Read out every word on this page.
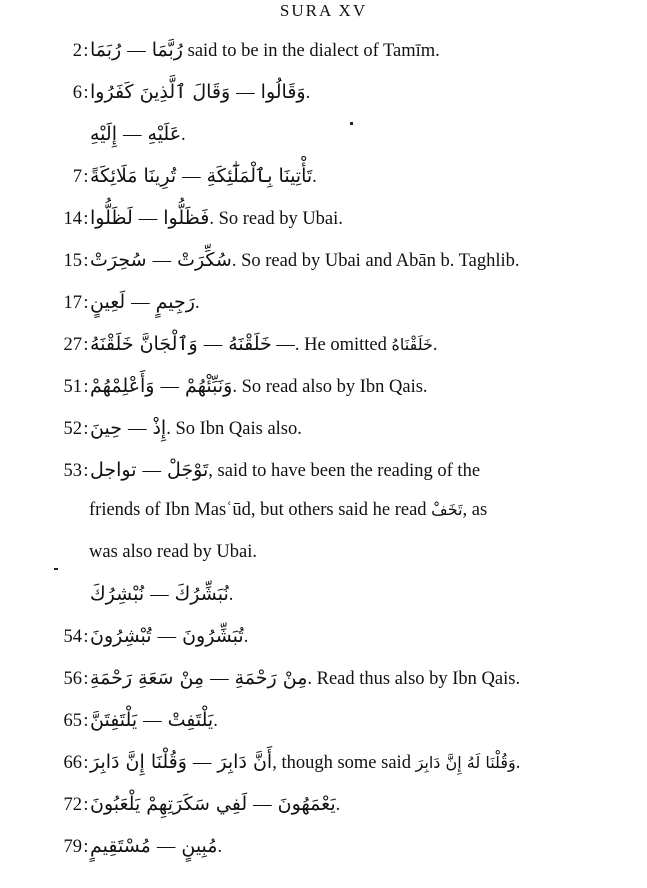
SURA XV
2:رُبَمَا — رُبَّمَا said to be in the dialect of Tamīm.
6:وَقَالَ ٱلَّذِينَ كَفَرُوا — وَقَالُوا.
إِلَيْهِ — عَلَيْهِ.
7:تُرِينَا مَلَائِكَةً — تَأْتِينَا بِٱلْمَلَٰٓئِكَةِ.
14:لَظَلُّوا — فَظَلُّوا. So read by Ubai.
15:سُحِرَتْ — سُكِّرَتْ. So read by Ubai and Abān b. Taghlib.
17:لَعِينٍ — رَجِيمٍ.
27:وَٱلْجَانَّ خَلَقْنَهُ — خَلَقْنَهُ —. He omitted خَلَقْنَاهُ.
51:وَأَعْلِمْهُمْ — وَنَبِّئْهُمْ. So read also by Ibn Qais.
52:حِينَ — إِذْ. So Ibn Qais also.
53:تواجل — تَوْجَلْ, said to have been the reading of the
نُبْشِرُكَ — نُبَشِّرُكَ.
54:تُبْشِرُونَ — تُبَشِّرُونَ.
56:مِنْ سَعَةِ رَحْمَةِ — مِنْ رَحْمَةِ. Read thus also by Ibn Qais.
65:يَلْتَفِتَنَّ — يَلْتَفِتْ.
66:وَقُلْنَا إِنَّ دَابِرَ — أَنَّ دَابِرَ, though some said وَقُلْنَا لَهُ إِنَّ دَابِرَ.
72:لَفِي سَكَرَتِهِمْ يَلْعَبُونَ — يَعْمَهُونَ.
79:مُسْتَقِيمٍ — مُبِينٍ.
friends of Ibn Masʿūd, but others said he read تَخَفْ, as
was also read by Ubai.
